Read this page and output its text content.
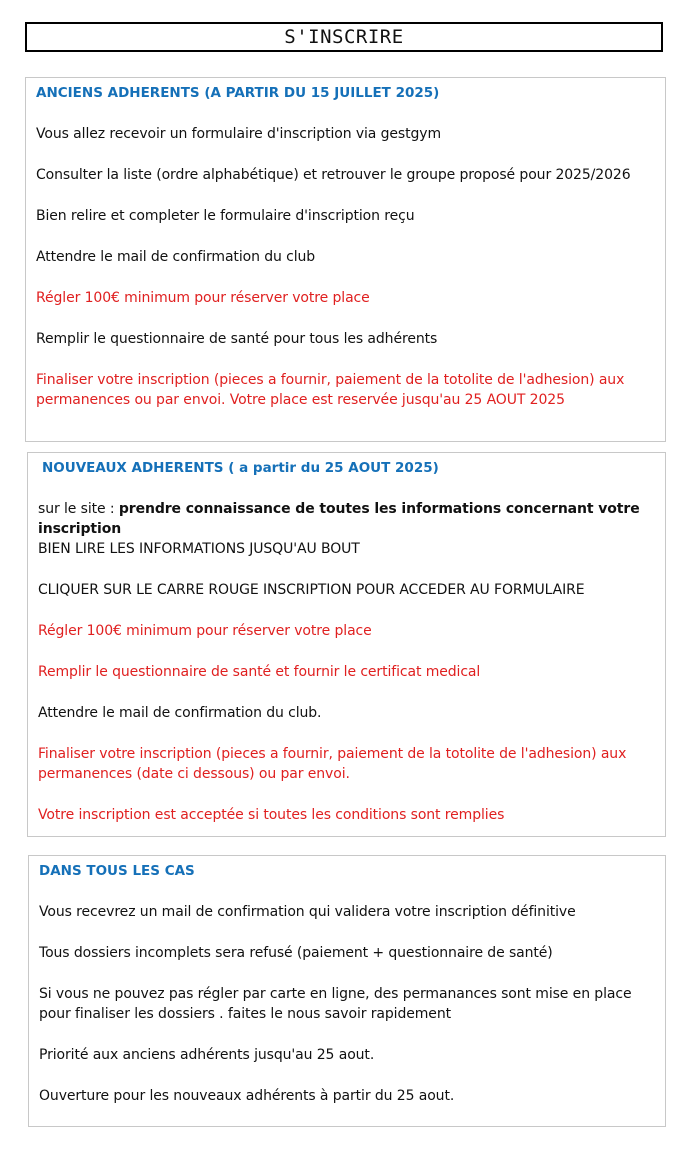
S'INSCRIRE
ANCIENS ADHERENTS (A PARTIR DU 15 JUILLET 2025)

Vous allez recevoir un formulaire d'inscription via gestgym

Consulter la liste (ordre alphabétique) et retrouver le groupe proposé pour 2025/2026

Bien relire et completer le formulaire d'inscription reçu

Attendre le mail de confirmation du club

Régler 100€ minimum pour réserver votre place

Remplir le questionnaire de santé pour tous les adhérents

Finaliser votre inscription (pieces a fournir, paiement de la totolite de l'adhesion) aux permanences ou par envoi. Votre place est reservée jusqu'au 25 AOUT 2025

NOUVEAUX ADHERENTS ( a partir du 25 AOUT 2025)

sur le site : prendre connaissance de toutes les informations concernant votre inscription

BIEN LIRE LES INFORMATIONS JUSQU'AU BOUT

CLIQUER SUR LE CARRE ROUGE INSCRIPTION POUR ACCEDER AU FORMULAIRE

Régler 100€ minimum pour réserver votre place

Remplir le questionnaire de santé et fournir le certificat medical

Attendre le mail de confirmation du club.

Finaliser votre inscription (pieces a fournir, paiement de la totolite de l'adhesion) aux permanences (date ci dessous) ou par envoi.

Votre inscription est acceptée si toutes les conditions sont remplies

DANS TOUS LES CAS

Vous recevrez un mail de confirmation qui validera votre inscription définitive

Tous dossiers incomplets sera refusé (paiement + questionnaire de santé)

Si vous ne pouvez pas régler par carte en ligne, des permanances sont mise en place pour finaliser les dossiers . faites le nous savoir rapidement

Priorité aux anciens adhérents jusqu'au 25 aout.

Ouverture pour les nouveaux adhérents à partir du 25 aout.
